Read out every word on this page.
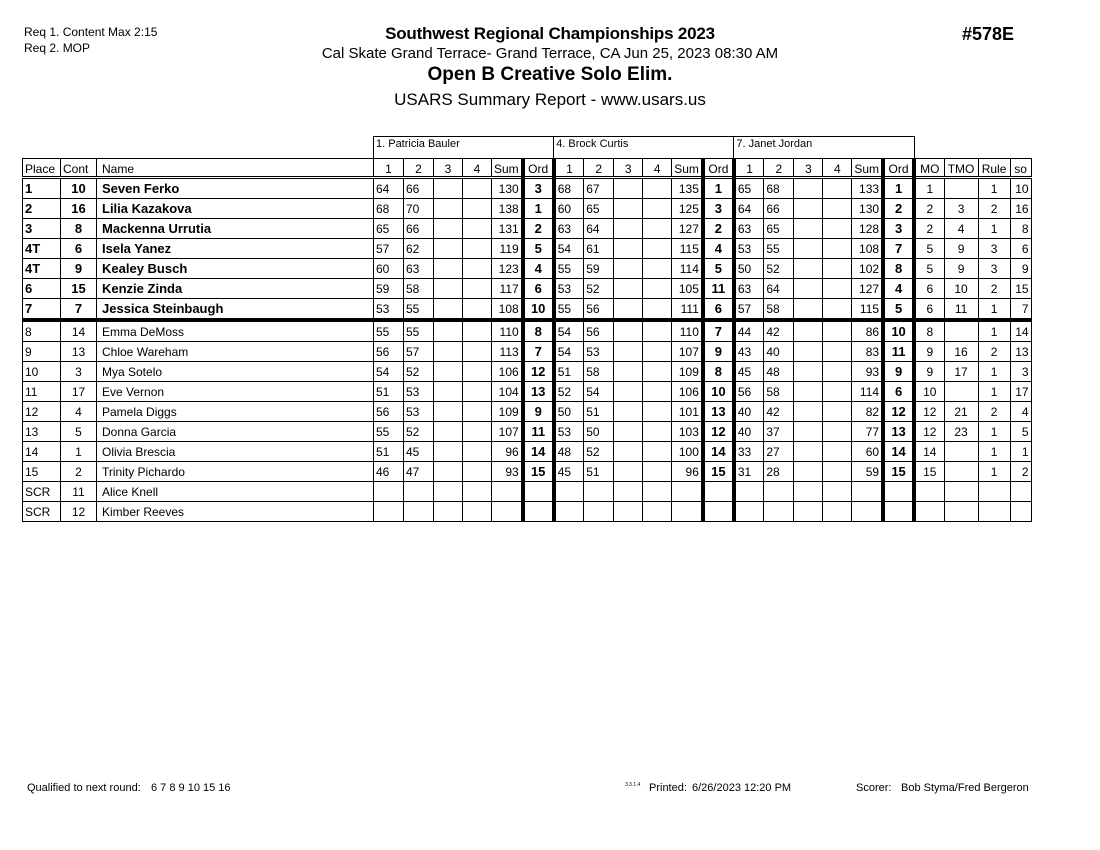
Req 1. Content Max 2:15
Req 2. MOP
Southwest Regional Championships 2023
Cal Skate Grand Terrace- Grand Terrace, CA Jun 25, 2023 08:30 AM
Open B Creative Solo Elim.
USARS Summary Report - www.usars.us
#578E
			1. Patricia Bauler						4. Brock Curtis						7. Janet Jordan									
Place	Cont	Name	1	2	3	4	Sum	Ord	1	2	3	4	Sum	Ord	1	2	3	4	Sum	Ord	MO	TMO	Rule	so
1	10	Seven Ferko	64	66			130	3	68	67			135	1	65	68			133	1	1		1	10
2	16	Lilia Kazakova	68	70			138	1	60	65			125	3	64	66			130	2	2	3	2	16
3	8	Mackenna Urrutia	65	66			131	2	63	64			127	2	63	65			128	3	2	4	1	8
4T	6	Isela Yanez	57	62			119	5	54	61			115	4	53	55			108	7	5	9	3	6
4T	9	Kealey Busch	60	63			123	4	55	59			114	5	50	52			102	8	5	9	3	9
6	15	Kenzie Zinda	59	58			117	6	53	52			105	11	63	64			127	4	6	10	2	15
7	7	Jessica Steinbaugh	53	55			108	10	55	56			111	6	57	58			115	5	6	11	1	7
8	14	Emma DeMoss	55	55			110	8	54	56			110	7	44	42			86	10	8		1	14
9	13	Chloe Wareham	56	57			113	7	54	53			107	9	43	40			83	11	9	16	2	13
10	3	Mya Sotelo	54	52			106	12	51	58			109	8	45	48			93	9	9	17	1	3
11	17	Eve Vernon	51	53			104	13	52	54			106	10	56	58			114	6	10		1	17
12	4	Pamela Diggs	56	53			109	9	50	51			101	13	40	42			82	12	12	21	2	4
13	5	Donna Garcia	55	52			107	11	53	50			103	12	40	37			77	13	12	23	1	5
14	1	Olivia Brescia	51	45			96	14	48	52			100	14	33	27			60	14	14		1	1
15	2	Trinity Pichardo	46	47			93	15	45	51			96	15	31	28			59	15	15		1	2
SCR	11	Alice Knell																						
SCR	12	Kimber Reeves																						
Qualified to next round: 6 7 8 9 10 15 16	3.3.1.4 Printed: 6/26/2023 12:20 PM	Scorer: Bob Styma/Fred Bergeron
